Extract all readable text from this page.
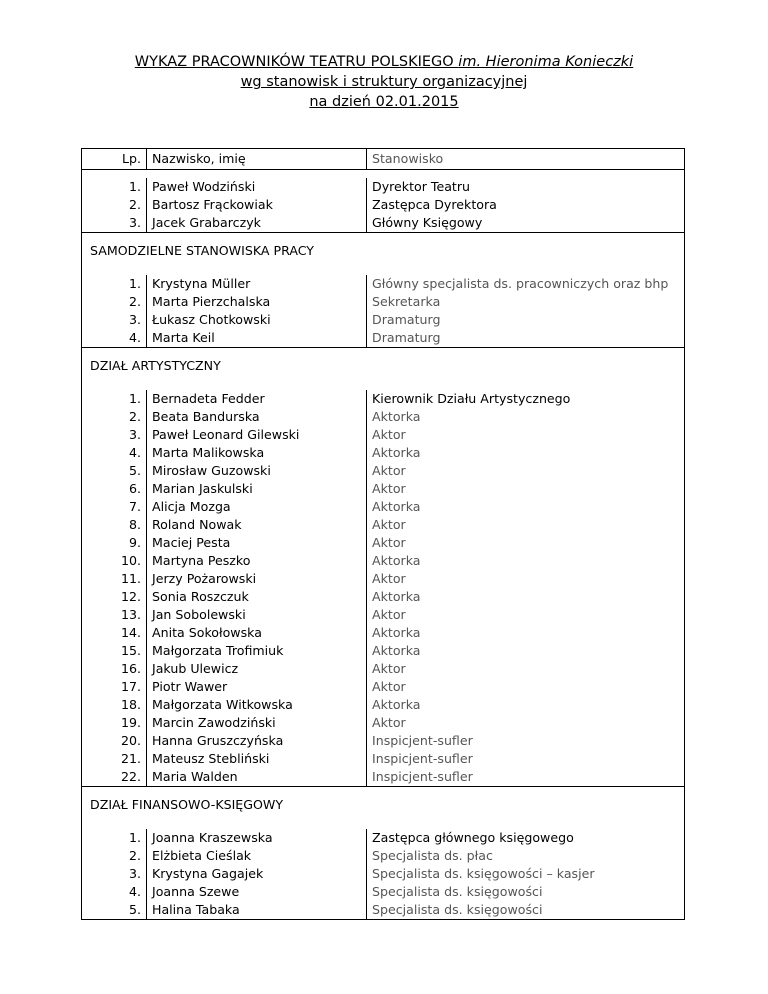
WYKAZ PRACOWNIKÓW TEATRU POLSKIEGO im. Hieronima Konieczki
wg stanowisk i struktury organizacyjnej
na dzień 02.01.2015
Lp.	Nazwisko, imię	Stanowisko

1.	Paweł Wodziński	Dyrektor Teatru
2.	Bartosz Frąckowiak	Zastępca Dyrektora
3.	Jacek Grabarczyk	Główny Księgowy

SAMODZIELNE STANOWISKA PRACY		

1.	Krystyna Müller	Główny specjalista ds. pracowniczych oraz bhp
2.	Marta Pierzchalska	Sekretarka
3.	Łukasz Chotkowski	Dramaturg
4.	Marta Keil	Dramaturg

DZIAŁ ARTYSTYCZNY		

1.	Bernadeta Fedder	Kierownik Działu Artystycznego
2.	Beata Bandurska	Aktorka
3.	Paweł Leonard Gilewski	Aktor
4.	Marta Malikowska	Aktorka
5.	Mirosław Guzowski	Aktor
6.	Marian Jaskulski	Aktor
7.	Alicja Mozga	Aktorka
8.	Roland Nowak	Aktor
9.	Maciej Pesta	Aktor
10.	Martyna Peszko	Aktorka
11.	Jerzy Pożarowski	Aktor
12.	Sonia Roszczuk	Aktorka
13.	Jan Sobolewski	Aktor
14.	Anita Sokołowska	Aktorka
15.	Małgorzata Trofimiuk	Aktorka
16.	Jakub Ulewicz	Aktor
17.	Piotr Wawer	Aktor
18.	Małgorzata Witkowska	Aktorka
19.	Marcin Zawodziński	Aktor
20.	Hanna Gruszczyńska	Inspicjent-sufler
21.	Mateusz Stebliński	Inspicjent-sufler
22.	Maria Walden	Inspicjent-sufler

DZIAŁ FINANSOWO-KSIĘGOWY		

1.	Joanna Kraszewska	Zastępca głównego księgowego
2.	Elżbieta Cieślak	Specjalista ds. płac
3.	Krystyna Gagajek	Specjalista ds. księgowości – kasjer
4.	Joanna Szewe	Specjalista ds. księgowości
5.	Halina Tabaka	Specjalista ds. księgowości
